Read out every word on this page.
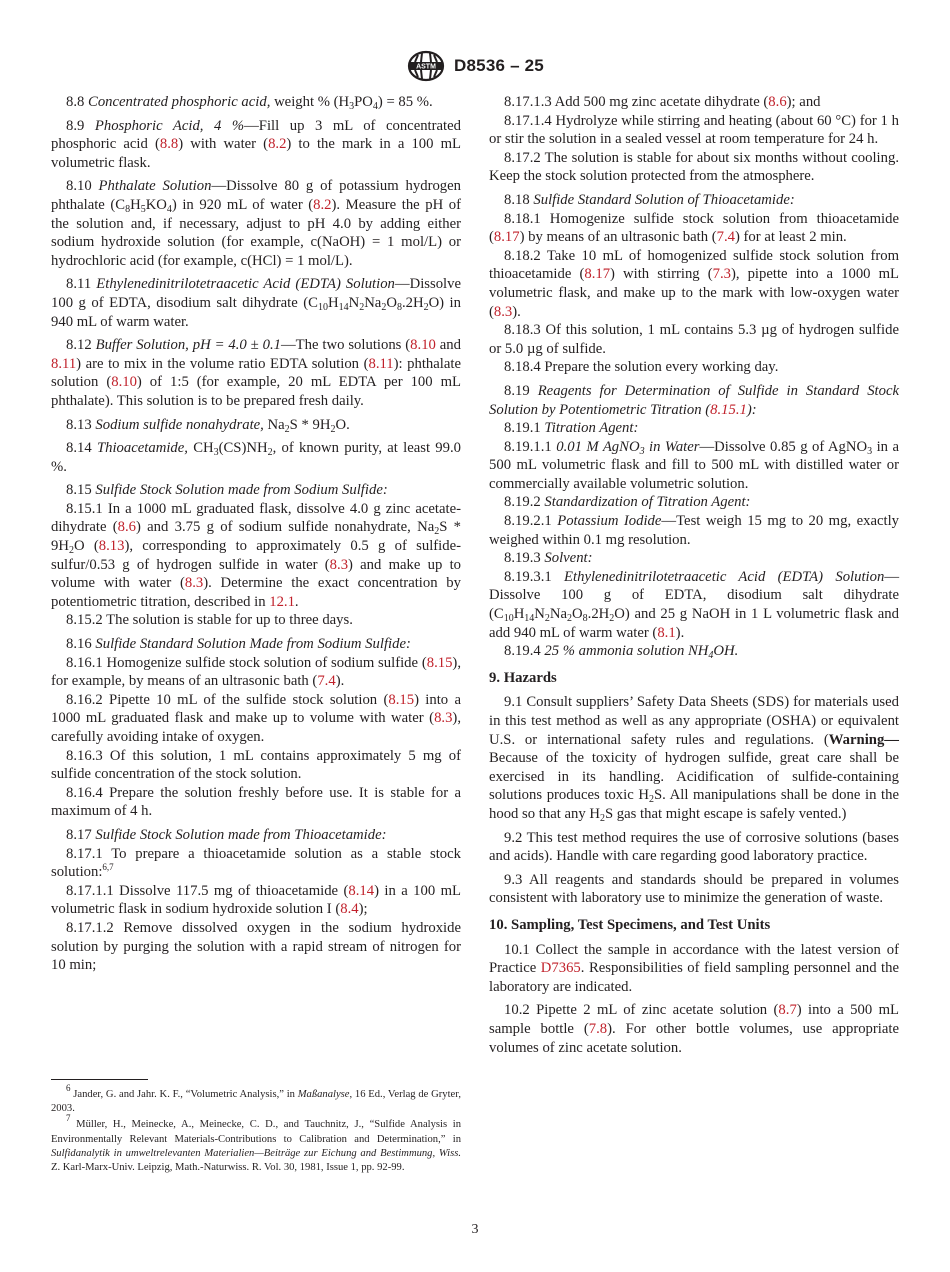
ASTM D8536 – 25

8.8 Concentrated phosphoric acid, weight % $(H_3PO_4) = 85$ %.

8.9 Phosphoric Acid, 4 %—Fill up 3 mL of concentrated phosphoric acid (8.8) with water (8.2) to the mark in a 100 mL volumetric flask.

8.10 Phthalate Solution—Dissolve 80 g of potassium hydrogen phthalate $(C_8H_5KO_4)$ in 920 mL of water (8.2). Measure the pH of the solution and, if necessary, adjust to pH 4.0 by adding either sodium hydroxide solution (for example, c(NaOH) = 1 mol/L) or hydrochloric acid (for example, c(HCl) = 1 mol/L).

8.11 Ethylenedinitrilotetraacetic Acid (EDTA) Solution—Dissolve 100 g of EDTA, disodium salt dihydrate $(C_{10}H_{14}N_2Na_2O_8.2H_2O)$ in 940 mL of warm water.

8.12 Buffer Solution, pH = 4.0 ± 0.1—The two solutions (8.10 and 8.11) are to mix in the volume ratio EDTA solution (8.11): phthalate solution (8.10) of 1:5 (for example, 20 mL EDTA per 100 mL phthalate). This solution is to be prepared fresh daily.

8.13 Sodium sulfide nonahydrate, $Na_2S * 9H_2O$.

8.14 Thioacetamide, $CH_3(CS)NH_2$, of known purity, at least 99.0 %.

8.15 Sulfide Stock Solution made from Sodium Sulfide:

8.15.1 In a 1000 mL graduated flask, dissolve 4.0 g zinc acetate-dihydrate (8.6) and 3.75 g of sodium sulfide nonahydrate, $Na_2S * 9H_2O$ (8.13), corresponding to approximately 0.5 g of sulfide-sulfur/0.53 g of hydrogen sulfide in water (8.3) and make up to volume with water (8.3). Determine the exact concentration by potentiometric titration, described in 12.1.

8.15.2 The solution is stable for up to three days.

8.16 Sulfide Standard Solution Made from Sodium Sulfide:

8.16.1 Homogenize sulfide stock solution of sodium sulfide (8.15), for example, by means of an ultrasonic bath (7.4).

8.16.2 Pipette 10 mL of the sulfide stock solution (8.15) into a 1000 mL graduated flask and make up to volume with water (8.3), carefully avoiding intake of oxygen.

8.16.3 Of this solution, 1 mL contains approximately 5 mg of sulfide concentration of the stock solution.

8.16.4 Prepare the solution freshly before use. It is stable for a maximum of 4 h.

8.17 Sulfide Stock Solution made from Thioacetamide:

8.17.1 To prepare a thioacetamide solution as a stable stock solution:$^{6,7}$

8.17.1.1 Dissolve 117.5 mg of thioacetamide (8.14) in a 100 mL volumetric flask in sodium hydroxide solution I (8.4);

8.17.1.2 Remove dissolved oxygen in the sodium hydroxide solution by purging the solution with a rapid stream of nitrogen for 10 min;

$^6$ Jander, G. and Jahr. K. F., “Volumetric Analysis,” in Maßanalyse, 16 Ed., Verlag de Gryter, 2003.

$^7$ Müller, H., Meinecke, A., Meinecke, C. D., and Tauchnitz, J., “Sulfide Analysis in Environmentally Relevant Materials-Contributions to Calibration and Determination,” in Sulfidanalytik in umweltrelevanten Materialien—Beiträge zur Eichung and Bestimmung, Wiss. Z. Karl-Marx-Univ. Leipzig, Math.-Naturwiss. R. Vol. 30, 1981, Issue 1, pp. 92-99.

8.17.1.3 Add 500 mg zinc acetate dihydrate (8.6); and

8.17.1.4 Hydrolyze while stirring and heating (about 60 °C) for 1 h or stir the solution in a sealed vessel at room temperature for 24 h.

8.17.2 The solution is stable for about six months without cooling. Keep the stock solution protected from the atmosphere.

8.18 Sulfide Standard Solution of Thioacetamide:

8.18.1 Homogenize sulfide stock solution from thioacetamide (8.17) by means of an ultrasonic bath (7.4) for at least 2 min.

8.18.2 Take 10 mL of homogenized sulfide stock solution from thioacetamide (8.17) with stirring (7.3), pipette into a 1000 mL volumetric flask, and make up to the mark with low-oxygen water (8.3).

8.18.3 Of this solution, 1 mL contains 5.3 µg of hydrogen sulfide or 5.0 µg of sulfide.

8.18.4 Prepare the solution every working day.

8.19 Reagents for Determination of Sulfide in Standard Stock Solution by Potentiometric Titration (8.15.1):

8.19.1 Titration Agent:

8.19.1.1 0.01 M AgNO$_3$ in Water—Dissolve 0.85 g of AgNO$_3$ in a 500 mL volumetric flask and fill to 500 mL with distilled water or commercially available volumetric solution.

8.19.2 Standardization of Titration Agent:

8.19.2.1 Potassium Iodide—Test weigh 15 mg to 20 mg, exactly weighed within 0.1 mg resolution.

8.19.3 Solvent:

8.19.3.1 Ethylenedinitrilotetraacetic Acid (EDTA) Solution—Dissolve 100 g of EDTA, disodium salt dihydrate $(C_{10}H_{14}N_2Na_2O_8.2H_2O)$ and 25 g NaOH in 1 L volumetric flask and add 940 mL of warm water (8.1).

8.19.4 25 % ammonia solution $NH_4OH$.

9. Hazards

9.1 Consult suppliers’ Safety Data Sheets (SDS) for materials used in this test method as well as any appropriate (OSHA) or equivalent U.S. or international safety rules and regulations. (Warning—Because of the toxicity of hydrogen sulfide, great care shall be exercised in its handling. Acidification of sulfide-containing solutions produces toxic $H_2S$. All manipulations shall be done in the hood so that any $H_2S$ gas that might escape is safely vented.)

9.2 This test method requires the use of corrosive solutions (bases and acids). Handle with care regarding good laboratory practice.

9.3 All reagents and standards should be prepared in volumes consistent with laboratory use to minimize the generation of waste.

10. Sampling, Test Specimens, and Test Units

10.1 Collect the sample in accordance with the latest version of Practice D7365. Responsibilities of field sampling personnel and the laboratory are indicated.

10.2 Pipette 2 mL of zinc acetate solution (8.7) into a 500 mL sample bottle (7.8). For other bottle volumes, use appropriate volumes of zinc acetate solution.

3
